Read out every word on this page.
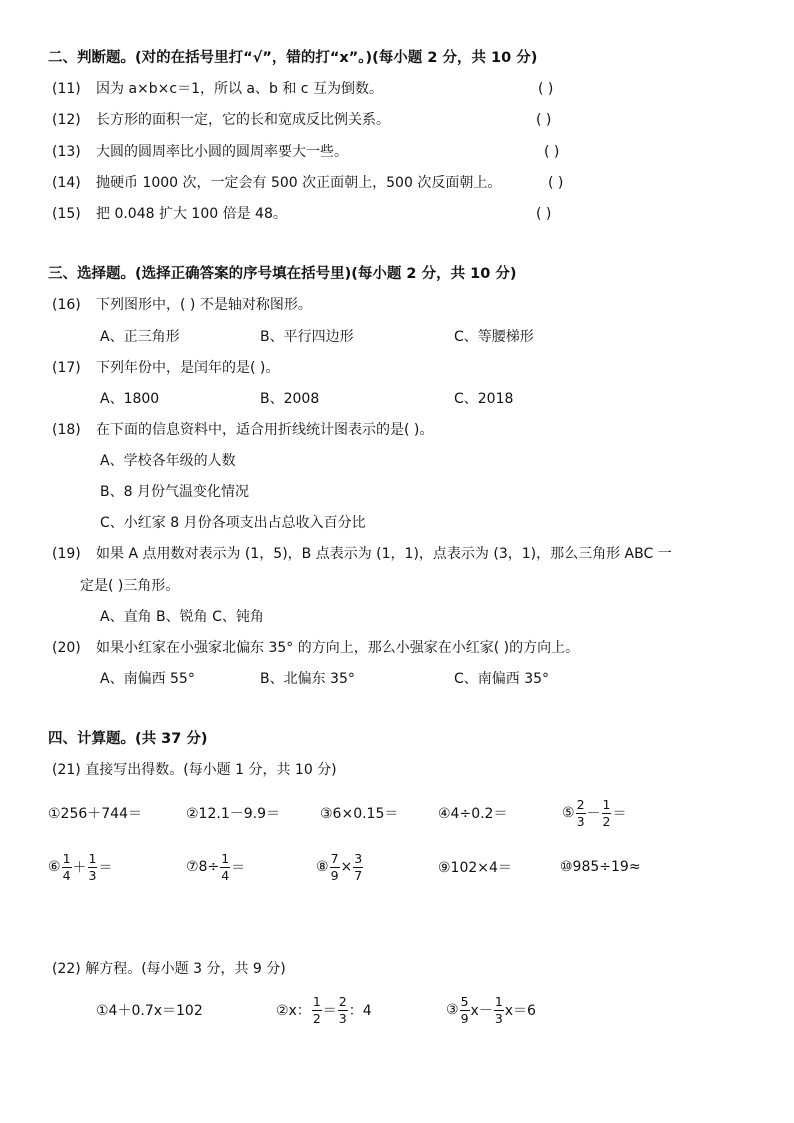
二、判断题。(对的在括号里打“√”，错的打“x”。)(每小题 2 分，共 10 分)
(11) 因为 a×b×c＝1，所以 a、b 和 c 互为倒数。	( )
(12) 长方形的面积一定，它的长和宽成反比例关系。	( )
(13) 大圆的圆周率比小圆的圆周率要大一些。	( )
(14) 抛硬币 1000 次，一定会有 500 次正面朝上，500 次反面朝上。	( )
(15) 把 0.048 扩大 100 倍是 48。	( )
三、选择题。(选择正确答案的序号填在括号里)(每小题 2 分，共 10 分)
(16) 下列图形中，( ) 不是轴对称图形。
A、正三角形	B、平行四边形	C、等腰梯形
(17) 下列年份中，是闰年的是( )。
A、1800	B、2008	C、2018
(18) 在下面的信息资料中，适合用折线统计图表示的是( )。
A、学校各年级的人数
B、8 月份气温变化情况
C、小红家 8 月份各项支出占总收入百分比
(19) 如果 A 点用数对表示为 (1，5)，B 点表示为 (1，1)，点表示为 (3，1)，那么三角形 ABC 一
定是( )三角形。
A、直角 B、锐角 C、钝角
(20) 如果小红家在小强家北偏东 35° 的方向上，那么小强家在小红家( )的方向上。
A、南偏西 55°	B、北偏东 35°	C、南偏西 35°
四、计算题。(共 37 分)
(21) 直接写出得数。(每小题 1 分，共 10 分)
①256＋744＝	②12.1－9.9＝	③6×0.15＝	④4÷0.2＝	⑤ $\frac{2}{3} - \frac{1}{2}$ ＝
⑥ $\frac{1}{4} + \frac{1}{3}$ ＝	⑦8÷ $\frac{1}{4}$ ＝	⑧ $\frac{7}{9} \times \frac{3}{7}$	⑨102×4＝	⑩985÷19≈
(22) 解方程。(每小题 3 分，共 9 分)
①4＋0.7x＝102	②x： $\frac{1}{2} = \frac{2}{3}$ ：4	③ $\frac{5}{9} x- \frac{1}{3} x=6$
